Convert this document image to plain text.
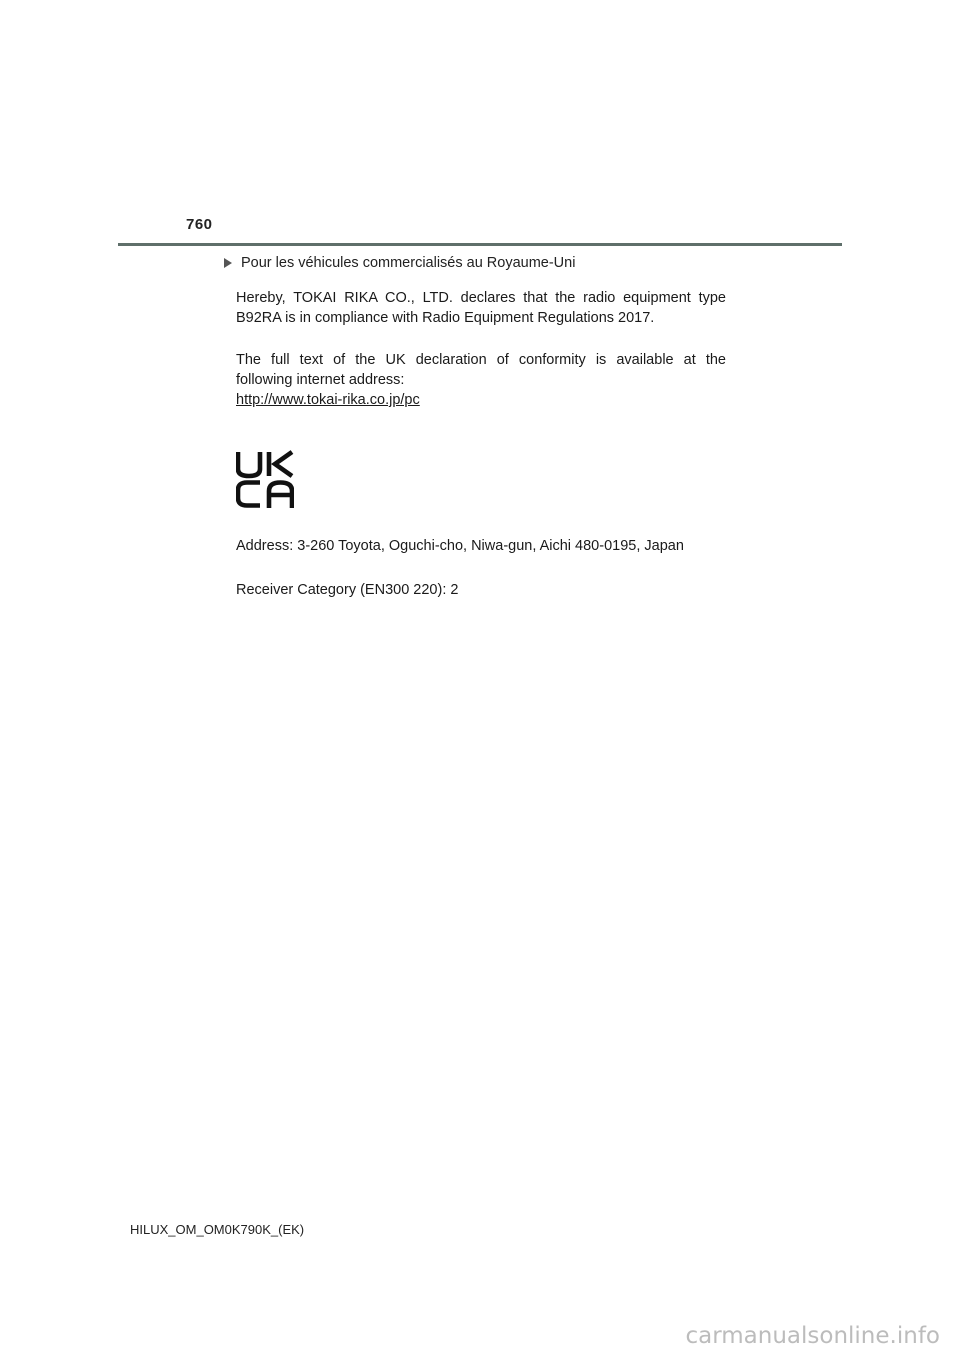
760
Pour les véhicules commercialisés au Royaume-Uni
Hereby, TOKAI RIKA CO., LTD. declares that the radio equipment type
B92RA is in compliance with Radio Equipment Regulations 2017.
The full text of the UK declaration of conformity is available at the
following internet address:
http://www.tokai-rika.co.jp/pc
Address: 3-260 Toyota, Oguchi-cho, Niwa-gun, Aichi 480-0195, Japan
Receiver Category (EN300 220): 2
HILUX_OM_OM0K790K_(EK)
carmanualsonline.info
